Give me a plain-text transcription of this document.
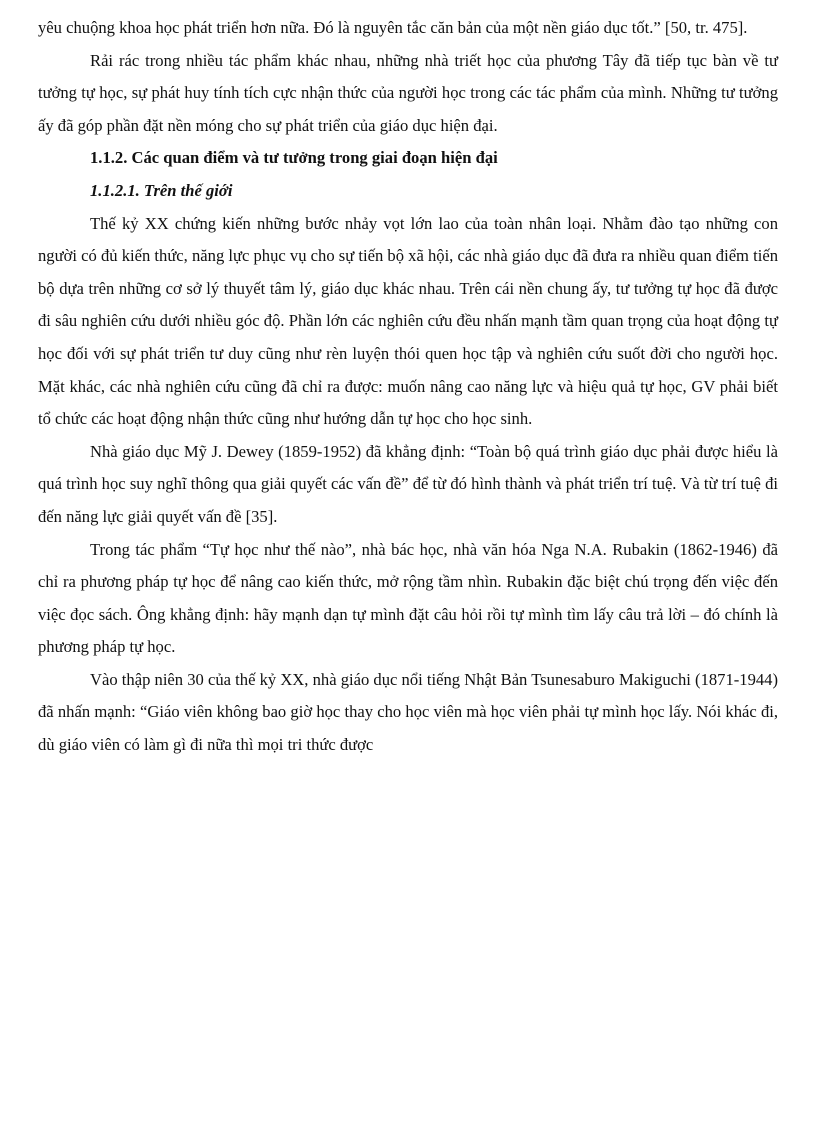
yêu chuộng khoa học phát triển hơn nữa. Đó là nguyên tắc căn bản của một nền giáo dục tốt.” [50, tr. 475].

Rải rác trong nhiều tác phẩm khác nhau, những nhà triết học của phương Tây đã tiếp tục bàn về tư tưởng tự học, sự phát huy tính tích cực nhận thức của người học trong các tác phẩm của mình. Những tư tưởng ấy đã góp phần đặt nền móng cho sự phát triển của giáo dục hiện đại.

1.1.2. Các quan điểm và tư tưởng trong giai đoạn hiện đại

1.1.2.1. Trên thế giới

Thế kỷ XX chứng kiến những bước nhảy vọt lớn lao của toàn nhân loại. Nhằm đào tạo những con người có đủ kiến thức, năng lực phục vụ cho sự tiến bộ xã hội, các nhà giáo dục đã đưa ra nhiều quan điểm tiến bộ dựa trên những cơ sở lý thuyết tâm lý, giáo dục khác nhau. Trên cái nền chung ấy, tư tưởng tự học đã được đi sâu nghiên cứu dưới nhiều góc độ. Phần lớn các nghiên cứu đều nhấn mạnh tầm quan trọng của hoạt động tự học đối với sự phát triển tư duy cũng như rèn luyện thói quen học tập và nghiên cứu suốt đời cho người học. Mặt khác, các nhà nghiên cứu cũng đã chỉ ra được: muốn nâng cao năng lực và hiệu quả tự học, GV phải biết tổ chức các hoạt động nhận thức cũng như hướng dẫn tự học cho học sinh.

Nhà giáo dục Mỹ J. Dewey (1859-1952) đã khẳng định: “Toàn bộ quá trình giáo dục phải được hiểu là quá trình học suy nghĩ thông qua giải quyết các vấn đề” để từ đó hình thành và phát triển trí tuệ. Và từ trí tuệ đi đến năng lực giải quyết vấn đề [35].

Trong tác phẩm “Tự học như thế nào”, nhà bác học, nhà văn hóa Nga N.A. Rubakin (1862-1946) đã chỉ ra phương pháp tự học để nâng cao kiến thức, mở rộng tầm nhìn. Rubakin đặc biệt chú trọng đến việc đến việc đọc sách. Ông khẳng định: hãy mạnh dạn tự mình đặt câu hỏi rồi tự mình tìm lấy câu trả lời – đó chính là phương pháp tự học.

Vào thập niên 30 của thế kỷ XX, nhà giáo dục nổi tiếng Nhật Bản Tsunesaburo Makiguchi (1871-1944) đã nhấn mạnh: “Giáo viên không bao giờ học thay cho học viên mà học viên phải tự mình học lấy. Nói khác đi, dù giáo viên có làm gì đi nữa thì mọi tri thức được
